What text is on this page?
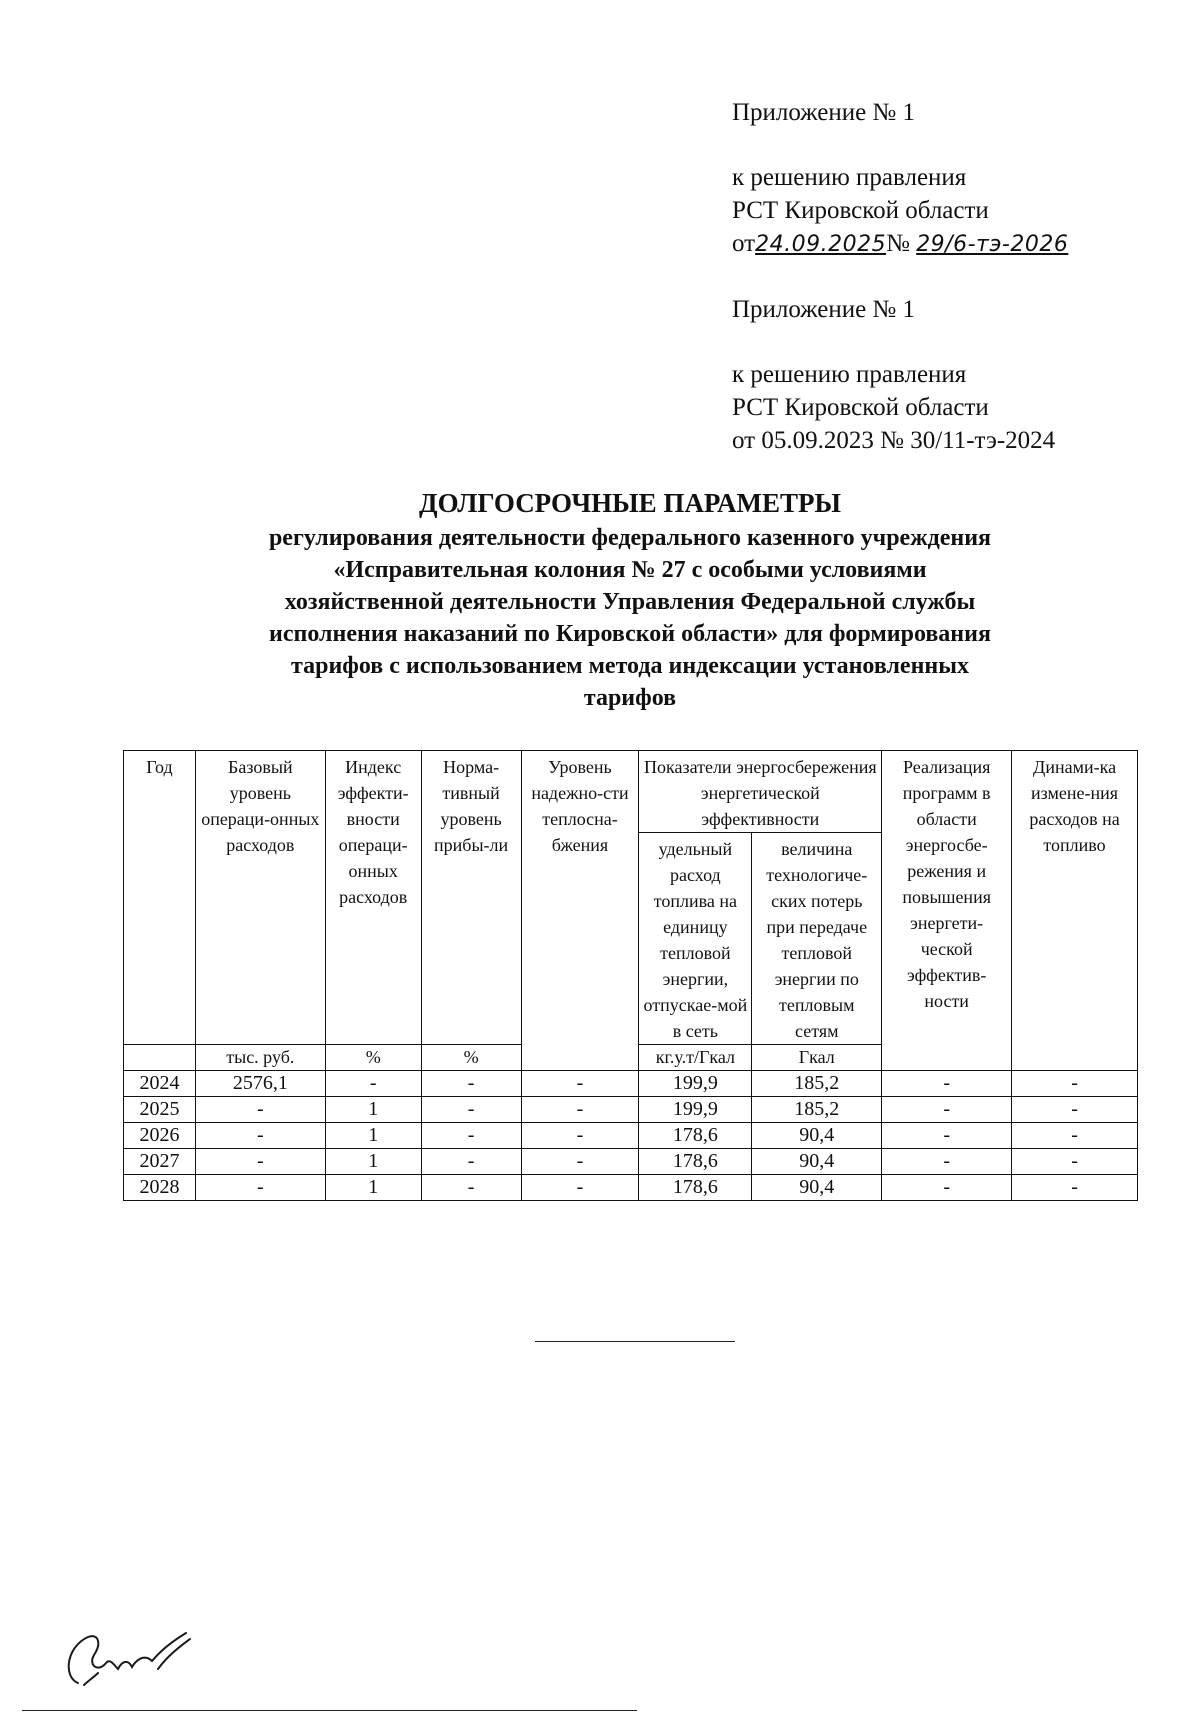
Приложение № 1

к решению правления

РСТ Кировской области

от24.09.2025№ 29/6-тэ-2026

Приложение № 1

к решению правления

РСТ Кировской области

от 05.09.2023 № 30/11-тэ-2024

ДОЛГОСРОЧНЫЕ ПАРАМЕТРЫ

регулирования деятельности федерального казенного учреждения

«Исправительная колония № 27 с особыми условиями

хозяйственной деятельности Управления Федеральной службы

исполнения наказаний по Кировской области» для формирования

тарифов с использованием метода индексации установленных

тарифов

Год	Базовый уровень операци-онных расходов	Индекс эффекти-вности операци-онных расходов	Норма-тивный уровень прибы-ли	Уровень надежно-сти теплосна-бжения	Показатели энергосбережения энергетической эффективности		Реализация программ в области энергосбе-режения и повышения энергети-ческой эффектив-ности	Динами-ка измене-ния расходов на топливо
					удельный расход топлива на единицу тепловой энергии, отпускае-мой в сеть	величина технологиче-ских потерь при передаче тепловой энергии по тепловым сетям		
	тыс. руб.	%	%		кг.у.т/Гкал	Гкал		
2024	2576,1	-	-	-	199,9	185,2	-	-
2025	-	1	-	-	199,9	185,2	-	-
2026	-	1	-	-	178,6	90,4	-	-
2027	-	1	-	-	178,6	90,4	-	-
2028	-	1	-	-	178,6	90,4	-	-
